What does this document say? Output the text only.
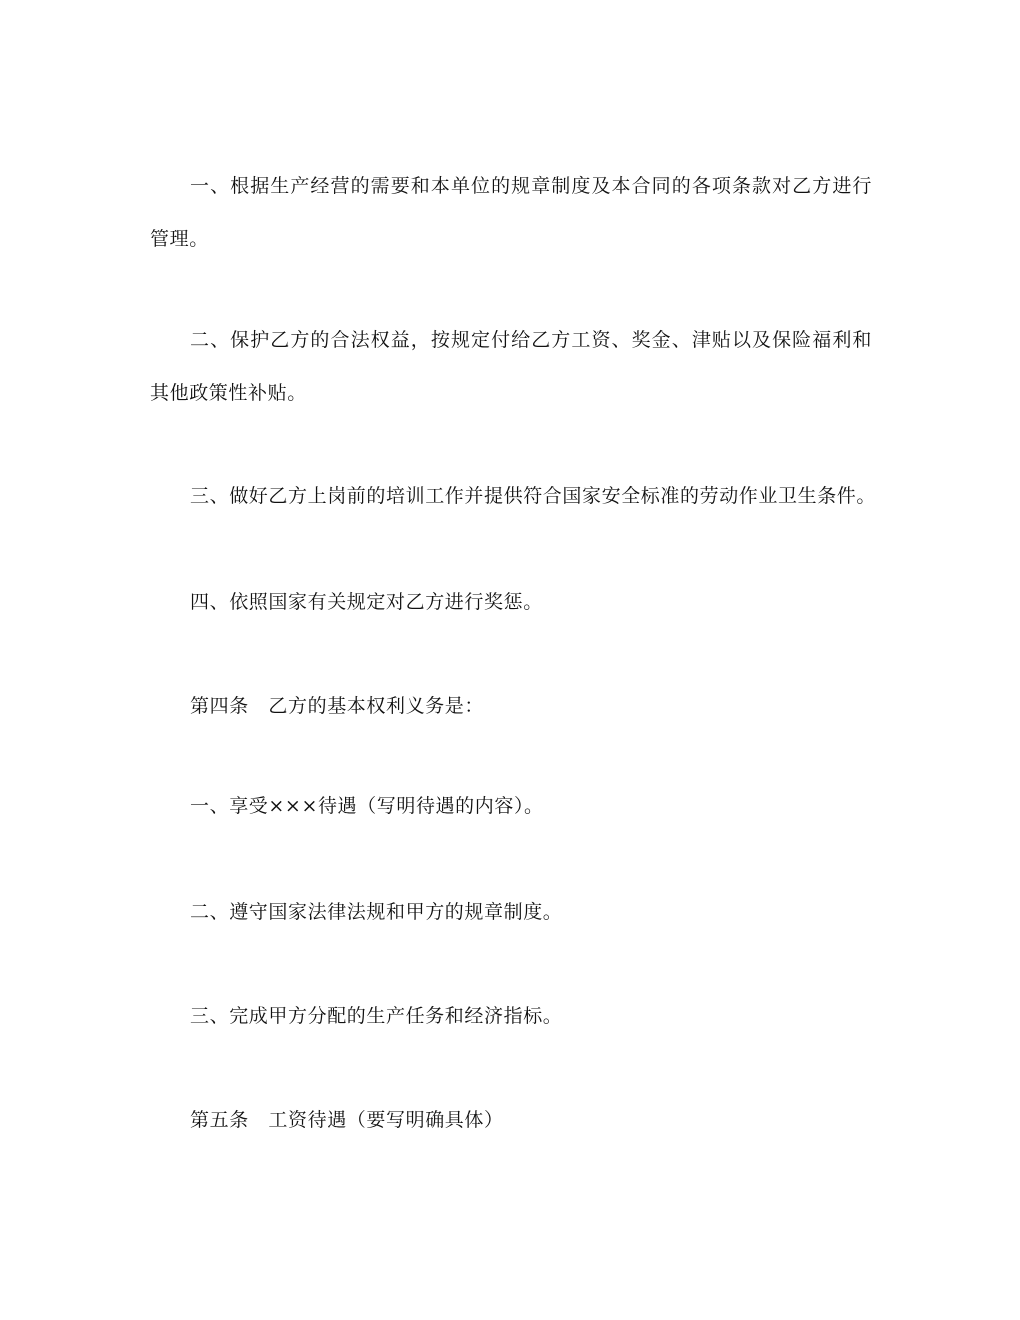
一、根据生产经营的需要和本单位的规章制度及本合同的各项条款对乙方进行管理。

二、保护乙方的合法权益，按规定付给乙方工资、奖金、津贴以及保险福利和其他政策性补贴。

三、做好乙方上岗前的培训工作并提供符合国家安全标准的劳动作业卫生条件。

四、依照国家有关规定对乙方进行奖惩。

第四条　乙方的基本权利义务是：

一、享受×××待遇（写明待遇的内容）。

二、遵守国家法律法规和甲方的规章制度。

三、完成甲方分配的生产任务和经济指标。

第五条　工资待遇（要写明确具体）
